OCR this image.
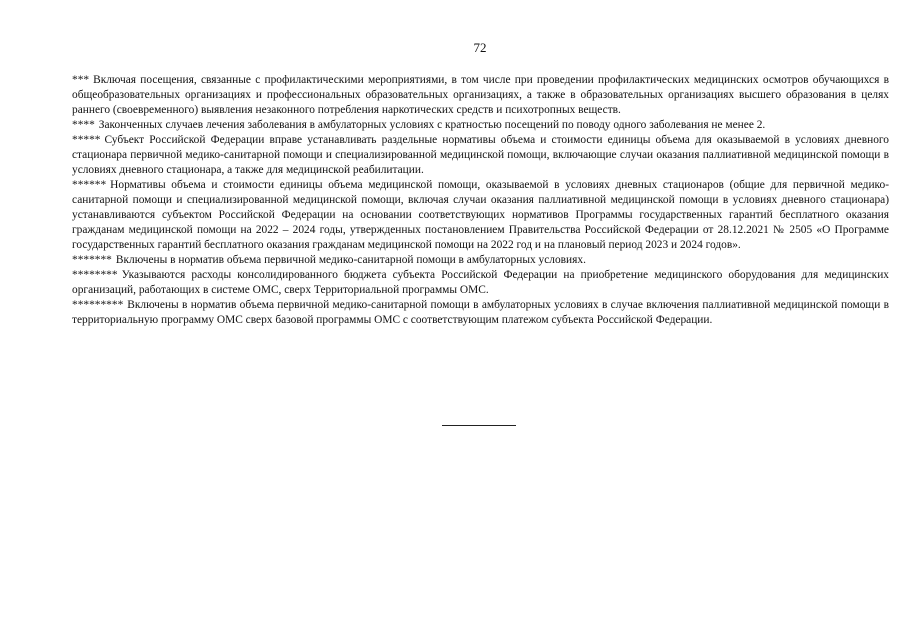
72

*** Включая посещения, связанные с профилактическими мероприятиями, в том числе при проведении профилактических медицинских осмотров обучающихся в общеобразовательных организациях и профессиональных образовательных организациях, а также в образовательных организациях высшего образования в целях раннего (своевременного) выявления незаконного потребления наркотических средств и психотропных веществ.

**** Законченных случаев лечения заболевания в амбулаторных условиях с кратностью посещений по поводу одного заболевания не менее 2.

***** Субъект Российской Федерации вправе устанавливать раздельные нормативы объема и стоимости единицы объема для оказываемой в условиях дневного стационара первичной медико-санитарной помощи и специализированной медицинской помощи, включающие случаи оказания паллиативной медицинской помощи в условиях дневного стационара, а также для медицинской реабилитации.

****** Нормативы объема и стоимости единицы объема медицинской помощи, оказываемой в условиях дневных стационаров (общие для первичной медико-санитарной помощи и специализированной медицинской помощи, включая случаи оказания паллиативной медицинской помощи в условиях дневного стационара) устанавливаются субъектом Российской Федерации на основании соответствующих нормативов Программы государственных гарантий бесплатного оказания гражданам медицинской помощи на 2022 – 2024 годы, утвержденных постановлением Правительства Российской Федерации от 28.12.2021 № 2505 «О Программе государственных гарантий бесплатного оказания гражданам медицинской помощи на 2022 год и на плановый период 2023 и 2024 годов».

******* Включены в норматив объема первичной медико-санитарной помощи в амбулаторных условиях.

******** Указываются расходы консолидированного бюджета субъекта Российской Федерации на приобретение медицинского оборудования для медицинских организаций, работающих в системе ОМС, сверх Территориальной программы ОМС.

********* Включены в норматив объема первичной медико-санитарной помощи в амбулаторных условиях в случае включения паллиативной медицинской помощи в территориальную программу ОМС сверх базовой программы ОМС с соответствующим платежом субъекта Российской Федерации.
